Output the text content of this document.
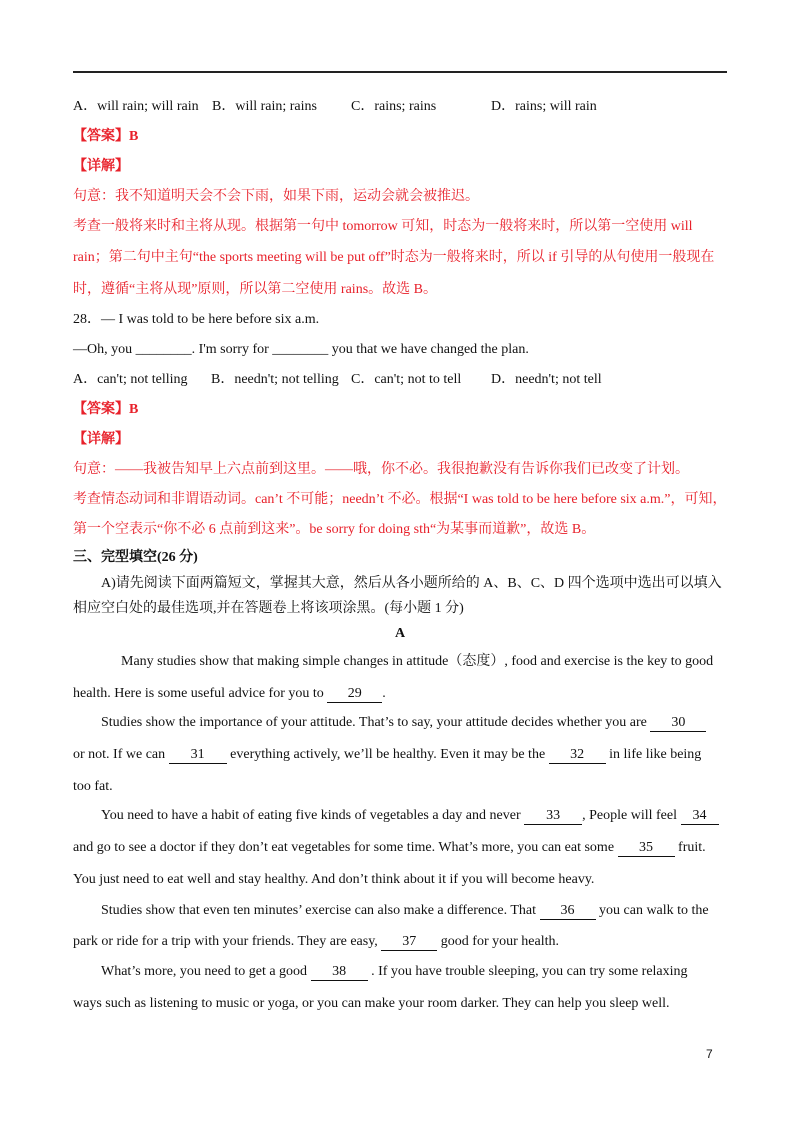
A．will rain; will rain B．will rain; rains C．rains; rains	D．rains; will rain
【答案】B
【详解】
句意：我不知道明天会不会下雨，如果下雨，运动会就会被推迟。
考查一般将来时和主将从现。根据第一句中 tomorrow 可知，时态为一般将来时，所以第一空使用 will
rain；第二句中主句“the sports meeting will be put off”时态为一般将来时，所以 if 引导的从句使用一般现在
时，遵循“主将从现”原则，所以第二空使用 rains。故选 B。
28．— I was told to be here before six a.m.
—Oh, you ________. I'm sorry for ________ you that we have changed the plan.
A．can't; not telling B．needn't; not telling C．can't; not to tell D．needn't; not tell
【答案】B
【详解】
句意：——我被告知早上六点前到这里。——哦，你不必。我很抱歉没有告诉你我们已改变了计划。
考查情态动词和非谓语动词。can’t 不可能；needn’t 不必。根据“I was told to be here before six a.m.”，可知，
第一个空表示“你不必 6 点前到这来”。be sorry for doing sth“为某事而道歉”，故选 B。
三、完型填空(26 分)
A)请先阅读下面两篇短文，掌握其大意，然后从各小题所给的 A、B、C、D 四个选项中选出可以填入
相应空白处的最佳选项,并在答题卷上将该项涂黑。(每小题 1 分)
A
Many studies show that making simple changes in attitude（态度）, food and exercise is the key to good
health. Here is some useful advice for you to 29 .
Studies show the importance of your attitude. That’s to say, your attitude decides whether you are 30
or not. If we can 31 everything actively, we’ll be healthy. Even it may be the 32 in life like being
too fat.
You need to have a habit of eating five kinds of vegetables a day and never 33 , People will feel 34
and go to see a doctor if they don’t eat vegetables for some time. What’s more, you can eat some 35 fruit.
You just need to eat well and stay healthy. And don’t think about it if you will become heavy.
Studies show that even ten minutes’ exercise can also make a difference. That 36 you can walk to the
park or ride for a trip with your friends. They are easy, 37 good for your health.
What’s more, you need to get a good 38 . If you have trouble sleeping, you can try some relaxing
ways such as listening to music or yoga, or you can make your room darker. They can help you sleep well.
7
